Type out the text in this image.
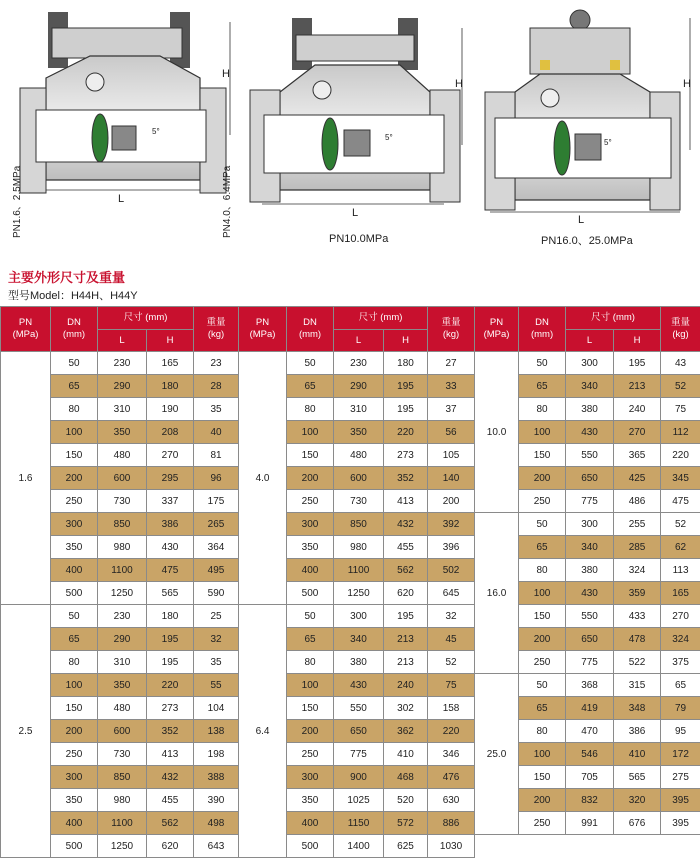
H
L
5°
H
L
5°
H
L
5°
PN1.6、2.5MPa	PN4.0、6.4MPa
PN10.0MPa	PN16.0、25.0MPa
主要外形尺寸及重量
型号Model：H44H、H44Y
PN
(MPa)	DN
(mm)	尺寸 (mm)		重量
(kg)	PN
(MPa)	DN
(mm)	尺寸 (mm)		重量
(kg)	PN
(MPa)	DN
(mm)	尺寸 (mm)		重量
(kg)
		L	H				L	H				L	H	
1.6	50	230	165	23	4.0	50	230	180	27	10.0	50	300	195	43
	65	290	180	28		65	290	195	33		65	340	213	52
	80	310	190	35		80	310	195	37		80	380	240	75
	100	350	208	40		100	350	220	56		100	430	270	112
	150	480	270	81		150	480	273	105		150	550	365	220
	200	600	295	96		200	600	352	140		200	650	425	345
	250	730	337	175		250	730	413	200		250	775	486	475
	300	850	386	265		300	850	432	392	16.0	50	300	255	52
	350	980	430	364		350	980	455	396		65	340	285	62
	400	1100	475	495		400	1100	562	502		80	380	324	113
	500	1250	565	590		500	1250	620	645		100	430	359	165
2.5	50	230	180	25	6.4	50	300	195	32		150	550	433	270
	65	290	195	32		65	340	213	45		200	650	478	324
	80	310	195	35		80	380	213	52		250	775	522	375
	100	350	220	55		100	430	240	75	25.0	50	368	315	65
	150	480	273	104		150	550	302	158		65	419	348	79
	200	600	352	138		200	650	362	220		80	470	386	95
	250	730	413	198		250	775	410	346		100	546	410	172
	300	850	432	388		300	900	468	476		150	705	565	275
	350	980	455	390		350	1025	520	630		200	832	320	395
	400	1100	562	498		400	1150	572	886		250	991	676	395
	500	1250	620	643		500	1400	625	1030					
